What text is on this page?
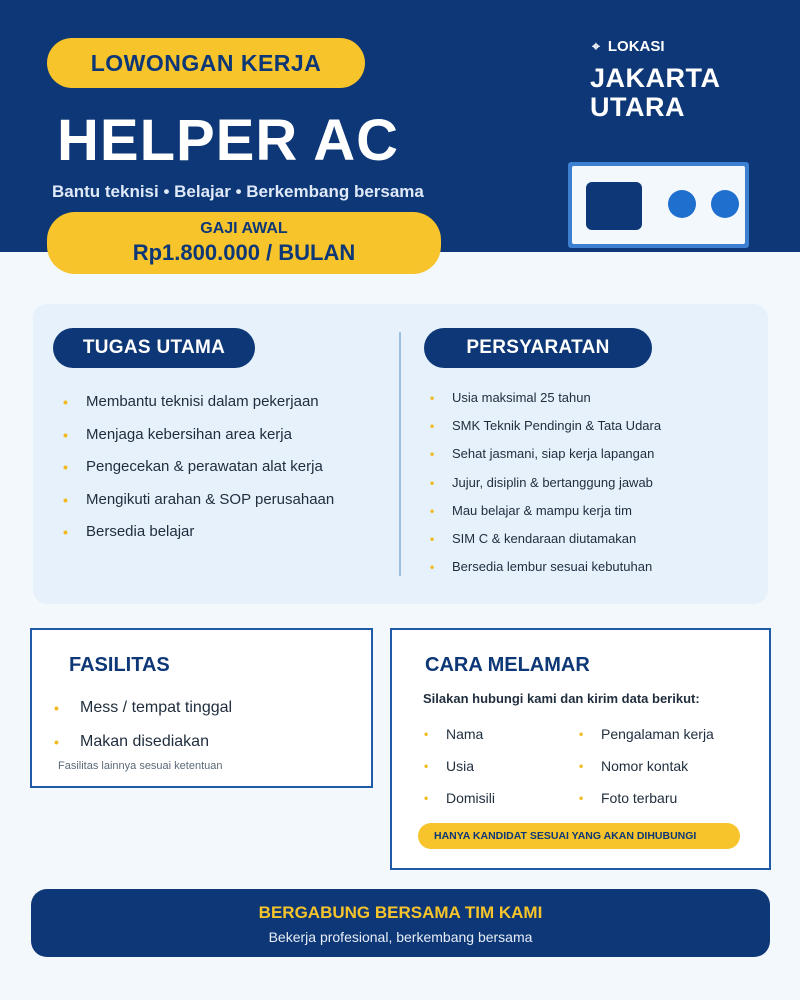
LOWONGAN KERJA
HELPER AC
Bantu teknisi • Belajar • Berkembang bersama
GAJI AWAL
Rp1.800.000 / BULAN
⌖ LOKASI
JAKARTA UTARA
TUGAS UTAMA	PERSYARATAN
• Membantu teknisi dalam pekerjaan
• Menjaga kebersihan area kerja
• Pengecekan & perawatan alat kerja
• Mengikuti arahan & SOP perusahaan
• Bersedia belajar
• Usia maksimal 25 tahun
• SMK Teknik Pendingin & Tata Udara
• Sehat jasmani, siap kerja lapangan
• Jujur, disiplin & bertanggung jawab
• Mau belajar & mampu kerja tim
• SIM C & kendaraan diutamakan
• Bersedia lembur sesuai kebutuhan
FASILITAS
• Mess / tempat tinggal
• Makan disediakan
Fasilitas lainnya sesuai ketentuan
CARA MELAMAR
Silakan hubungi kami dan kirim data berikut:
• Nama
• Usia
• Domisili
• Pengalaman kerja
• Nomor kontak
• Foto terbaru
HANYA KANDIDAT SESUAI YANG AKAN DIHUBUNGI
BERGABUNG BERSAMA TIM KAMI
Bekerja profesional, berkembang bersama
